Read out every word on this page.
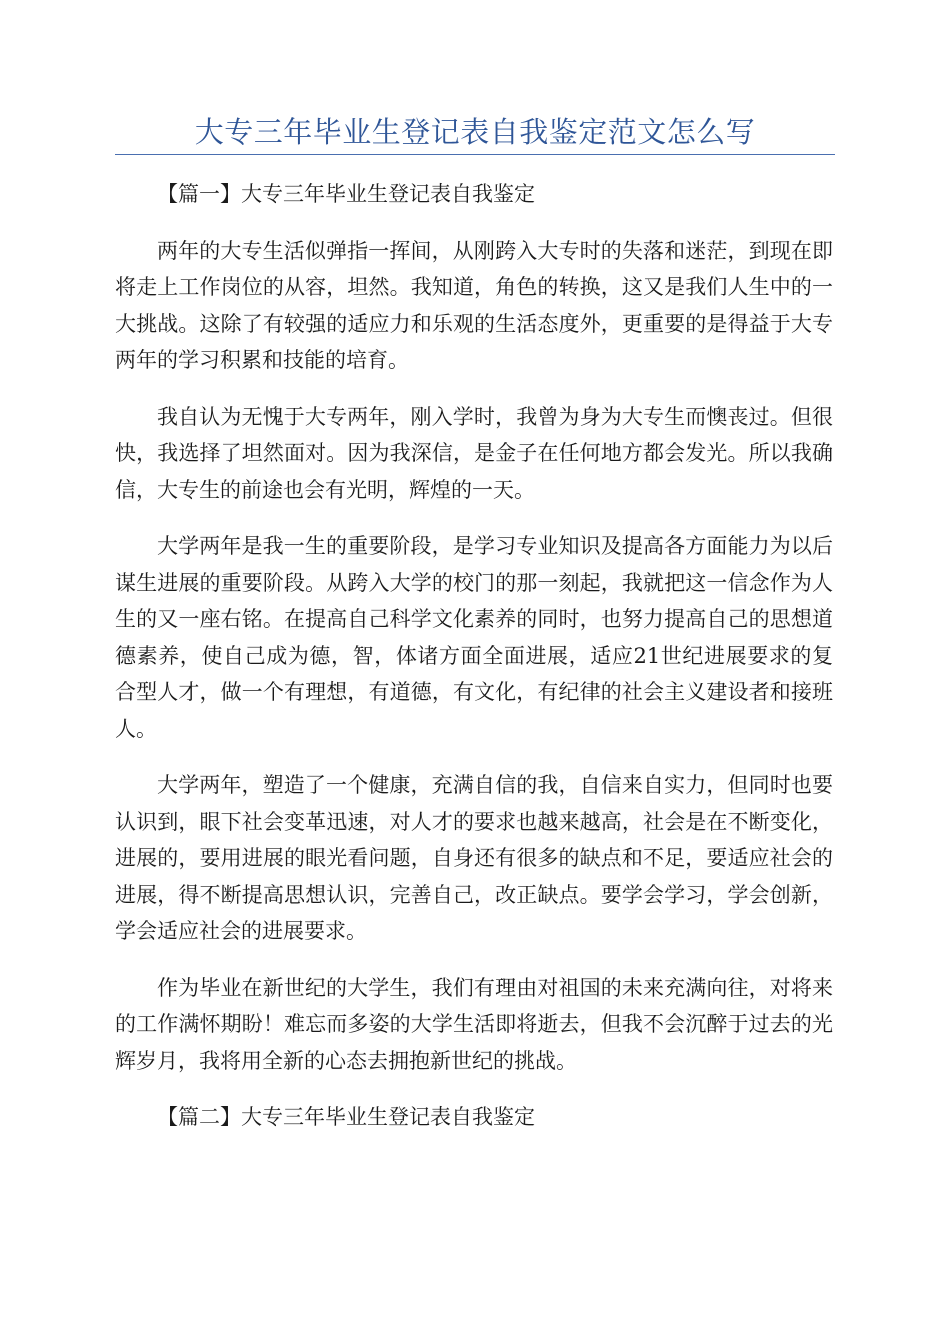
大专三年毕业生登记表自我鉴定范文怎么写

【篇一】大专三年毕业生登记表自我鉴定

两年的大专生活似弹指一挥间，从刚跨入大专时的失落和迷茫，到现在即将走上工作岗位的从容，坦然。我知道，角色的转换，这又是我们人生中的一大挑战。这除了有较强的适应力和乐观的生活态度外，更重要的是得益于大专两年的学习积累和技能的培育。

我自认为无愧于大专两年，刚入学时，我曾为身为大专生而懊丧过。但很快，我选择了坦然面对。因为我深信，是金子在任何地方都会发光。所以我确信，大专生的前途也会有光明，辉煌的一天。

大学两年是我一生的重要阶段，是学习专业知识及提高各方面能力为以后谋生进展的重要阶段。从跨入大学的校门的那一刻起，我就把这一信念作为人生的又一座右铭。在提高自己科学文化素养的同时，也努力提高自己的思想道德素养，使自己成为德，智，体诸方面全面进展，适应21世纪进展要求的复合型人才，做一个有理想，有道德，有文化，有纪律的社会主义建设者和接班人。

大学两年，塑造了一个健康，充满自信的我，自信来自实力，但同时也要认识到，眼下社会变革迅速，对人才的要求也越来越高，社会是在不断变化，进展的，要用进展的眼光看问题，自身还有很多的缺点和不足，要适应社会的进展，得不断提高思想认识，完善自己，改正缺点。要学会学习，学会创新，学会适应社会的进展要求。

作为毕业在新世纪的大学生，我们有理由对祖国的未来充满向往，对将来的工作满怀期盼！难忘而多姿的大学生活即将逝去，但我不会沉醉于过去的光辉岁月，我将用全新的心态去拥抱新世纪的挑战。

【篇二】大专三年毕业生登记表自我鉴定
